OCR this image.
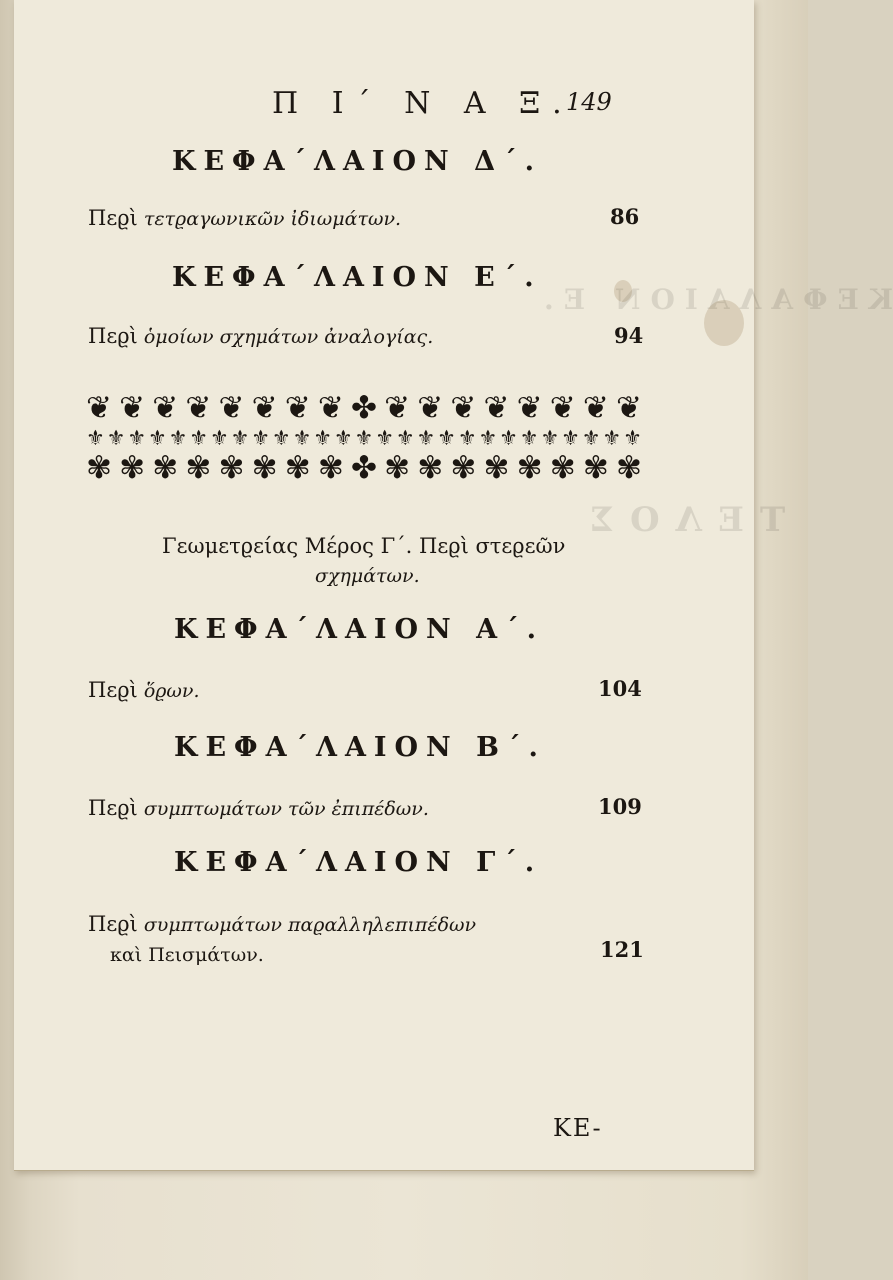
ΚΕΦΑΛΑΙΟΝ Ε.
ΤΕΛΟΣ
Π Ι΄ Ν Α Ξ.
149
ΚΕΦΑ΄ΛΑΙΟΝ Δ΄.
Πεϱὶ τετϱαγωνικῶν ἰδιωμάτων.	86
ΚΕΦΑ΄ΛΑΙΟΝ Ε΄.
Πεϱὶ ὁμοίων σχημάτων ἀναλογίας.	94
❦ ❦ ❦ ❦ ❦ ❦ ❦ ❦ ✤ ❦ ❦ ❦ ❦ ❦ ❦ ❦ ❦
⚜ ⚜ ⚜ ⚜ ⚜ ⚜ ⚜ ⚜ ⚜ ⚜ ⚜ ⚜ ⚜ ⚜ ⚜ ⚜ ⚜ ⚜ ⚜ ⚜ ⚜ ⚜ ⚜ ⚜ ⚜ ⚜ ⚜
✾ ✾ ✾ ✾ ✾ ✾ ✾ ✾ ✤ ✾ ✾ ✾ ✾ ✾ ✾ ✾ ✾
Γεωμετϱείας Μέρος Γ΄. Πεϱὶ στεϱεῶν
σχημάτων.
ΚΕΦΑ΄ΛΑΙΟΝ Α΄.
Πεϱὶ ὅϱων.	104
ΚΕΦΑ΄ΛΑΙΟΝ Β΄.
Πεϱὶ συμπτωμάτων τῶν ἐπιπέδων.	109
ΚΕΦΑ΄ΛΑΙΟΝ Γ΄.
Πεϱὶ συμπτωμάτων παϱαλληλεπιπέδων
καὶ Πεισμάτων.	121
ΚΕ-
